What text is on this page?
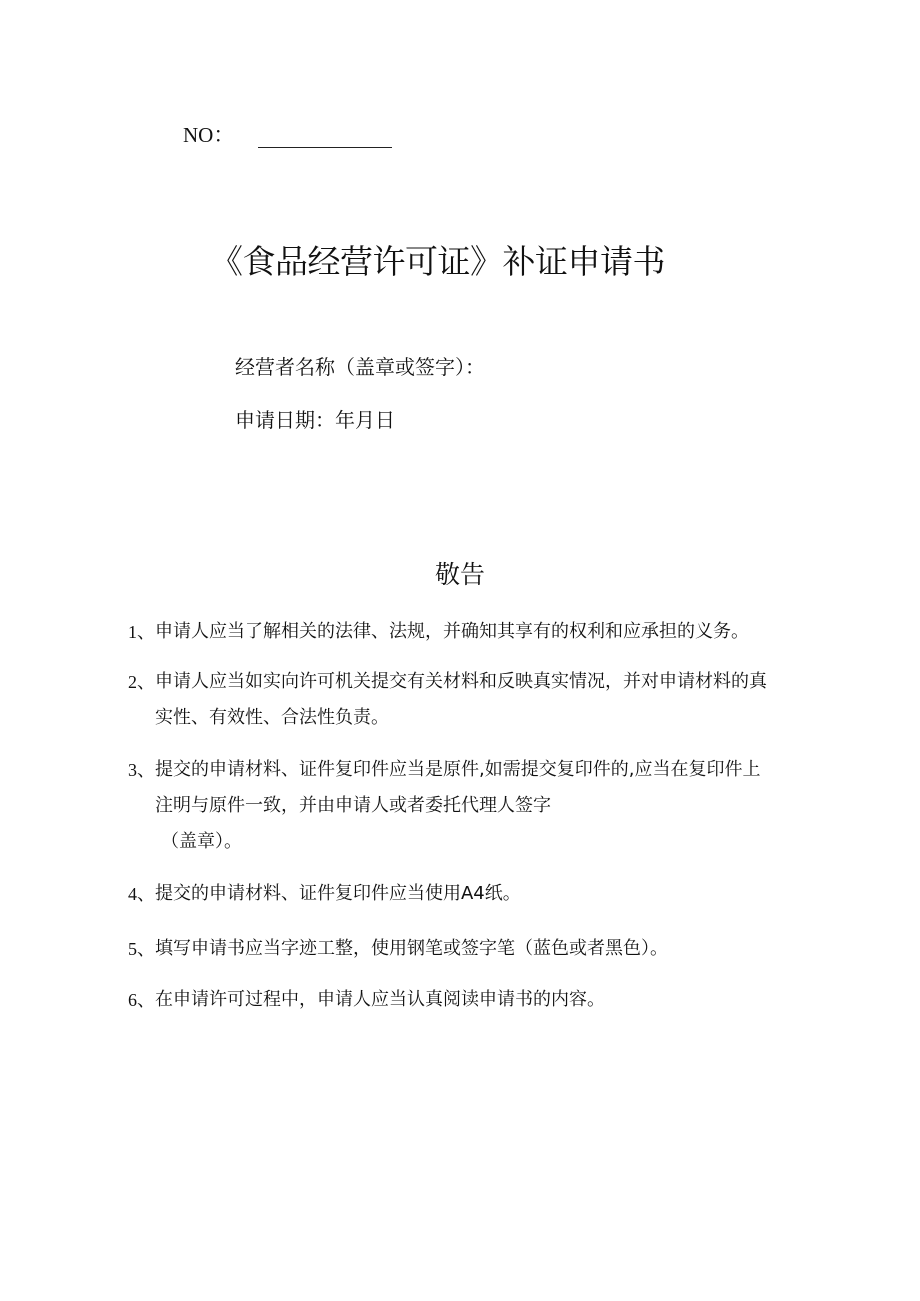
NO：
《食品经营许可证》补证申请书
经营者名称（盖章或签字）：
申请日期：年月日
敬告
1、 申请人应当了解相关的法律、法规，并确知其享有的权利和应承担的义务。
2、 申请人应当如实向许可机关提交有关材料和反映真实情况，并对申请材料的真
实性、有效性、合法性负责。
3、 提交的申请材料、证件复印件应当是原件,如需提交复印件的,应当在复印件上
注明与原件一致，并由申请人或者委托代理人签字
（盖章）。
4、 提交的申请材料、证件复印件应当使用A4纸。
5、 填写申请书应当字迹工整，使用钢笔或签字笔（蓝色或者黑色）。
6、 在申请许可过程中，申请人应当认真阅读申请书的内容。
